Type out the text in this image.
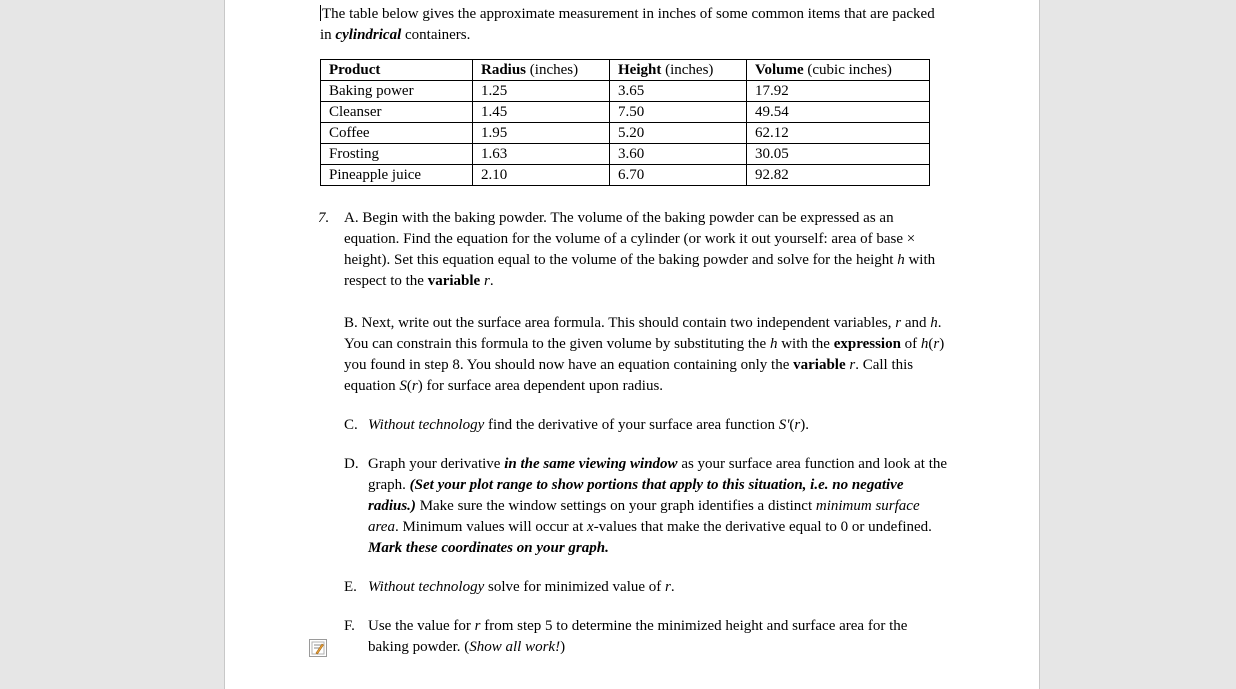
The table below gives the approximate measurement in inches of some common items that are packed in cylindrical containers.

Product	Radius (inches)	Height (inches)	Volume (cubic inches)
Baking power	1.25	3.65	17.92
Cleanser	1.45	7.50	49.54
Coffee	1.95	5.20	62.12
Frosting	1.63	3.60	30.05
Pineapple juice	2.10	6.70	92.82
7. A. Begin with the baking powder. The volume of the baking powder can be expressed as an equation. Find the equation for the volume of a cylinder (or work it out yourself: area of base × height). Set this equation equal to the volume of the baking powder and solve for the height h with respect to the variable r.
B. Next, write out the surface area formula. This should contain two independent variables, r and h. You can constrain this formula to the given volume by substituting the h with the expression of h(r) you found in step 8. You should now have an equation containing only the variable r. Call this equation S(r) for surface area dependent upon radius.
C. Without technology find the derivative of your surface area function S'(r).
D. Graph your derivative in the same viewing window as your surface area function and look at the graph. (Set your plot range to show portions that apply to this situation, i.e. no negative radius.) Make sure the window settings on your graph identifies a distinct minimum surface area. Minimum values will occur at x-values that make the derivative equal to 0 or undefined. Mark these coordinates on your graph.
E. Without technology solve for minimized value of r.
F. Use the value for r from step 5 to determine the minimized height and surface area for the baking powder. (Show all work!)
